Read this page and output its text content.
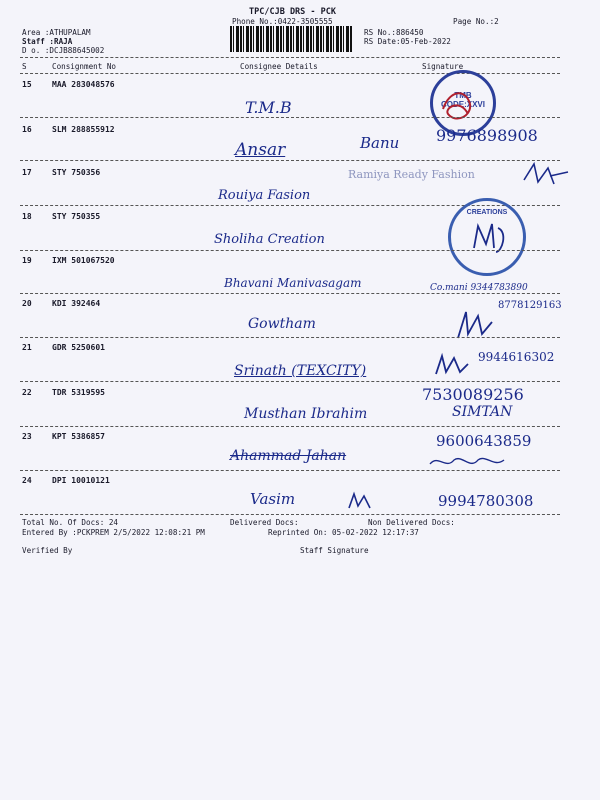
TPC/CJB DRS - PCK
Phone No.:0422-3505555	Page No.:2
Area :ATHUPALAM
Staff :RAJA
D o. :DCJB88645002
RS No.:886450
RS Date:05-Feb-2022
S	Consignment No	Consignee Details	Signature
15	MAA 283048576
T.M.B
TMB CODE:XXVI
16	SLM 288855912
Ansar	Banu 9976898908
17	STY 750356
Rouiya Fasion
Ramiya Ready Fashion
18	STY 750355
Sholiha Creation
CREATIONS
19	IXM 501067520
Bhavani Manivasagam	Co.mani 9344783890
20	KDI 392464
Gowtham
8778129163
21	GDR 5250601
Srinath (TEXCITY)
9944616302
22	TDR 5319595
Musthan Ibrahim
7530089256
SIMTAN
23	KPT 5386857
Ahammad Jahan
9600643859
24	DPI 10010121
Vasim	9994780308
Total No. Of Docs: 24	Delivered Docs:	Non Delivered Docs:
Entered By :PCKPREM 2/5/2022 12:08:21 PM	Reprinted On: 05-02-2022 12:17:37
Verified By	Staff Signature
